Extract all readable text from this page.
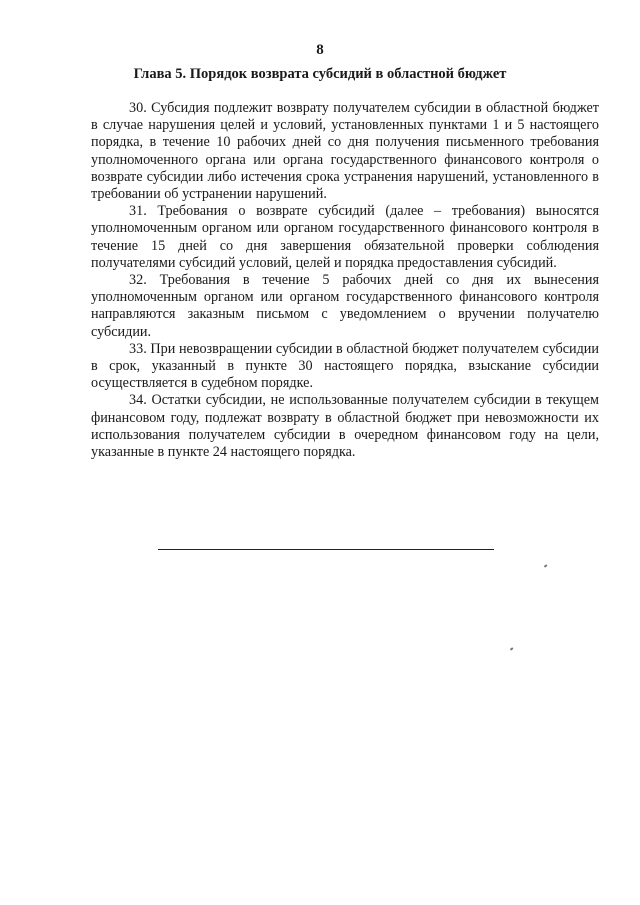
8
Глава 5. Порядок возврата субсидий в областной бюджет

30. Субсидия подлежит возврату получателем субсидии в областной бюджет в случае нарушения целей и условий, установленных пунктами 1 и 5 настоящего порядка, в течение 10 рабочих дней со дня получения письменного требования уполномоченного органа или органа государственного финансового контроля о возврате субсидии либо истечения срока устранения нарушений, установленного в требовании об устранении нарушений.

31. Требования о возврате субсидий (далее – требования) выносятся уполномоченным органом или органом государственного финансового контроля в течение 15 дней со дня завершения обязательной проверки соблюдения получателями субсидий условий, целей и порядка предоставления субсидий.

32. Требования в течение 5 рабочих дней со дня их вынесения уполномоченным органом или органом государственного финансового контроля направляются заказным письмом с уведомлением о вручении получателю субсидии.

33. При невозвращении субсидии в областной бюджет получателем субсидии в срок, указанный в пункте 30 настоящего порядка, взыскание субсидии осуществляется в судебном порядке.

34. Остатки субсидии, не использованные получателем субсидии в текущем финансовом году, подлежат возврату в областной бюджет при невозможности их использования получателем субсидии в очередном финансовом году на цели, указанные в пункте 24 настоящего порядка.
